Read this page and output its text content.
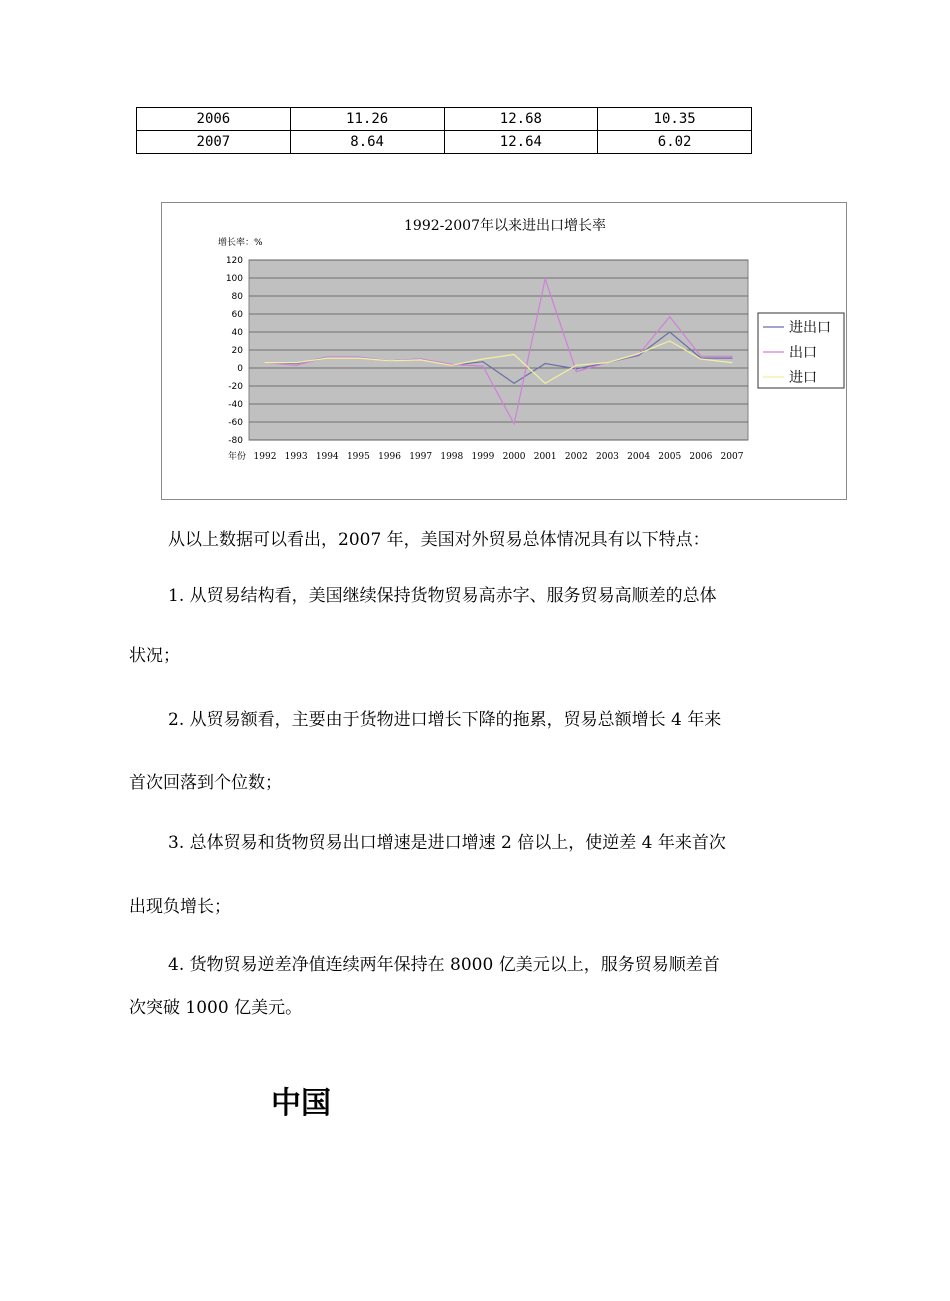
2006	11.26	12.68	10.35
2007	8.64	12.64	6.02
1992-2007年以来进出口增长率
增长率：%
年份
120
100
80
60
40
20
0
-20
-40
-60
-80
1992 1993 1994 1995 1996 1997 1998 1999 2000 2001 2002 2003 2004 2005 2006 2007
进出口
出口
进口
从以上数据可以看出，2007 年，美国对外贸易总体情况具有以下特点：
1. 从贸易结构看，美国继续保持货物贸易高赤字、服务贸易高顺差的总体
状况；
2. 从贸易额看，主要由于货物进口增长下降的拖累，贸易总额增长 4 年来
首次回落到个位数；
3. 总体贸易和货物贸易出口增速是进口增速 2 倍以上，使逆差 4 年来首次
出现负增长；
4. 货物贸易逆差净值连续两年保持在 8000 亿美元以上，服务贸易顺差首
次突破 1000 亿美元。
中国
